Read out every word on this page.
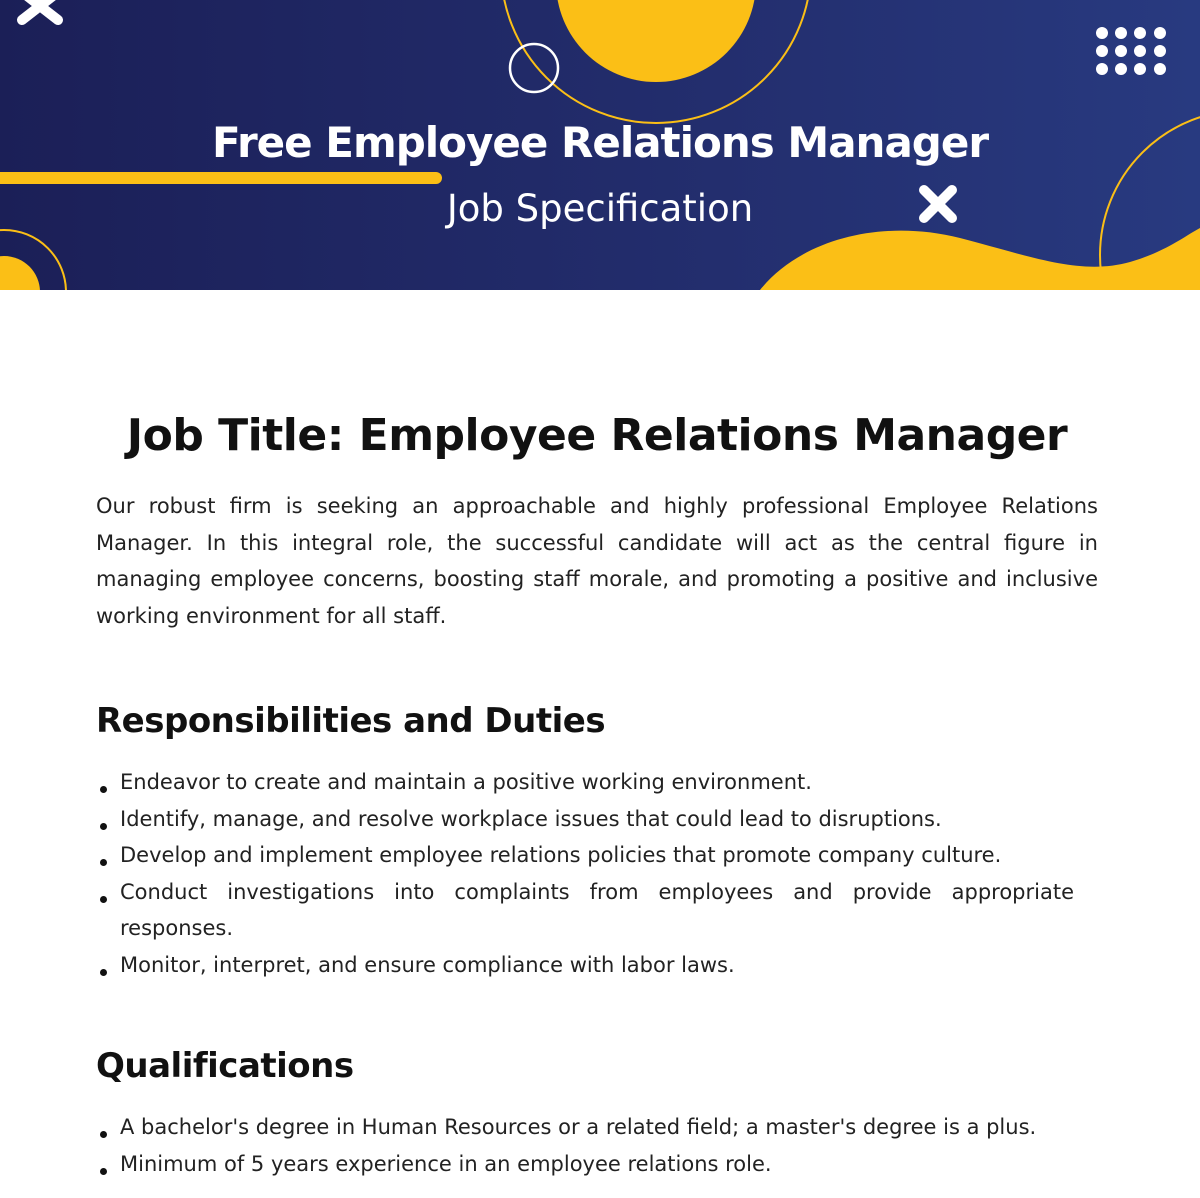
Free Employee Relations Manager
Job Specification
Job Title: Employee Relations Manager

Our robust firm is seeking an approachable and highly professional Employee Relations Manager. In this integral role, the successful candidate will act as the central figure in managing employee concerns, boosting staff morale, and promoting a positive and inclusive working environment for all staff.

Responsibilities and Duties
Endeavor to create and maintain a positive working environment.
Identify, manage, and resolve workplace issues that could lead to disruptions.
Develop and implement employee relations policies that promote company culture.
Conduct investigations into complaints from employees and provide appropriate responses.
Monitor, interpret, and ensure compliance with labor laws.
Qualifications
A bachelor's degree in Human Resources or a related field; a master's degree is a plus.
Minimum of 5 years experience in an employee relations role.
